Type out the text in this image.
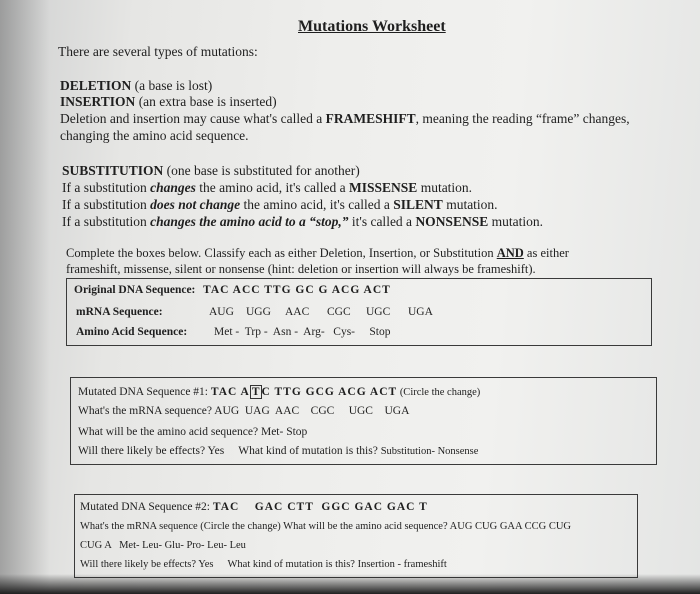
Mutations Worksheet
There are several types of mutations:
DELETION (a base is lost)
INSERTION (an extra base is inserted)
Deletion and insertion may cause what's called a FRAMESHIFT, meaning the reading “frame” changes,
changing the amino acid sequence.
SUBSTITUTION (one base is substituted for another)
If a substitution changes the amino acid, it's called a MISSENSE mutation.
If a substitution does not change the amino acid, it's called a SILENT mutation.
If a substitution changes the amino acid to a “stop,” it's called a NONSENSE mutation.
Complete the boxes below. Classify each as either Deletion, Insertion, or Substitution AND as either
frameshift, missense, silent or nonsense (hint: deletion or insertion will always be frameshift).
Original DNA Sequence: TAC ACC TTG GC G ACG ACT
mRNA Sequence:	AUG UGG AAC CGC UGC UGA
Amino Acid Sequence: Met -  Trp -  Asn -  Arg-   Cys-     Stop
Mutated DNA Sequence #1: TAC A T C TTG GCG ACG ACT (Circle the change)
What's the mRNA sequence? AUG  UAG  AAC    CGC     UGC    UGA
What will be the amino acid sequence? Met- Stop
Will there likely be effects? Yes What kind of mutation is this? Substitution- Nonsense
Mutated DNA Sequence #2: TAC    GAC CTT  GGC GAC GAC T
What's the mRNA sequence (Circle the change) What will be the amino acid sequence? AUG CUG GAA CCG CUG
CUG A   Met- Leu- Glu- Pro- Leu- Leu
Will there likely be effects? Yes What kind of mutation is this? Insertion - frameshift
